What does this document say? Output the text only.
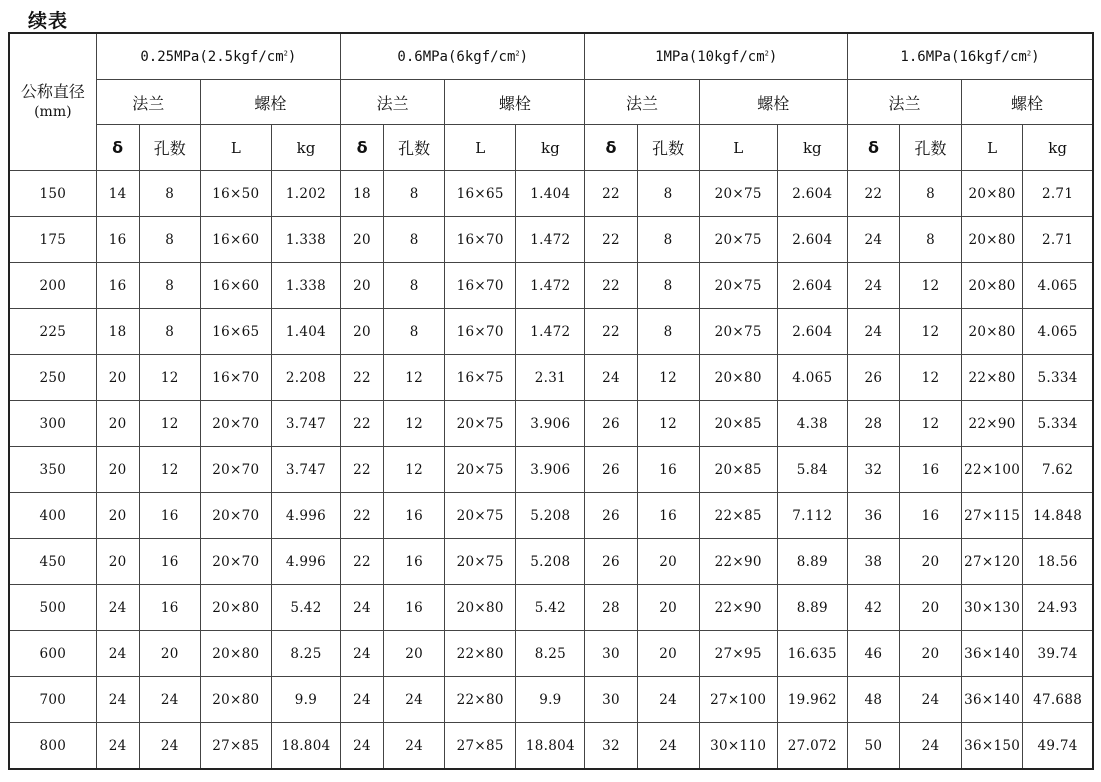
续表
公称直径
(mm)	$0.25MPa(2.5kgf/cm^2)$				$0.6MPa(6kgf/cm^2)$				$1MPa(10kgf/cm^2)$				$1.6MPa(16kgf/cm^2)$			
	法兰		螺栓		法兰		螺栓		法兰		螺栓		法兰		螺栓	
	δ	孔数	L	kg	δ	孔数	L	kg	δ	孔数	L	kg	δ	孔数	L	kg
150	14	8	16×50	1.202	18	8	16×65	1.404	22	8	20×75	2.604	22	8	20×80	2.71
175	16	8	16×60	1.338	20	8	16×70	1.472	22	8	20×75	2.604	24	8	20×80	2.71
200	16	8	16×60	1.338	20	8	16×70	1.472	22	8	20×75	2.604	24	12	20×80	4.065
225	18	8	16×65	1.404	20	8	16×70	1.472	22	8	20×75	2.604	24	12	20×80	4.065
250	20	12	16×70	2.208	22	12	16×75	2.31	24	12	20×80	4.065	26	12	22×80	5.334
300	20	12	20×70	3.747	22	12	20×75	3.906	26	12	20×85	4.38	28	12	22×90	5.334
350	20	12	20×70	3.747	22	12	20×75	3.906	26	16	20×85	5.84	32	16	22×100	7.62
400	20	16	20×70	4.996	22	16	20×75	5.208	26	16	22×85	7.112	36	16	27×115	14.848
450	20	16	20×70	4.996	22	16	20×75	5.208	26	20	22×90	8.89	38	20	27×120	18.56
500	24	16	20×80	5.42	24	16	20×80	5.42	28	20	22×90	8.89	42	20	30×130	24.93
600	24	20	20×80	8.25	24	20	22×80	8.25	30	20	27×95	16.635	46	20	36×140	39.74
700	24	24	20×80	9.9	24	24	22×80	9.9	30	24	27×100	19.962	48	24	36×140	47.688
800	24	24	27×85	18.804	24	24	27×85	18.804	32	24	30×110	27.072	50	24	36×150	49.74
